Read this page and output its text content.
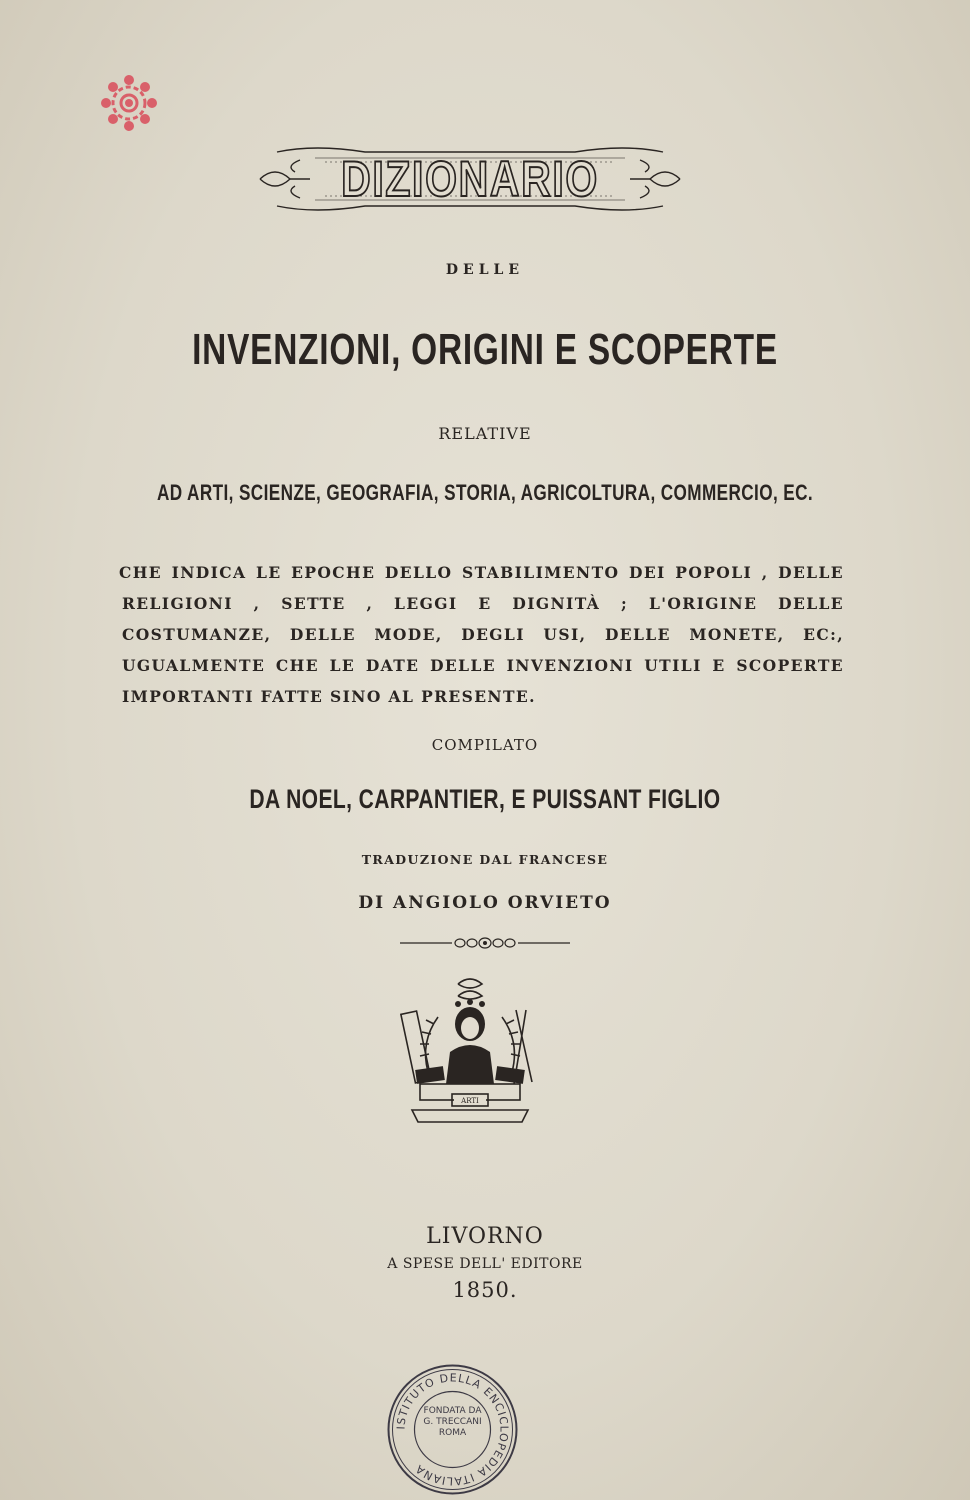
DIZIONARIO
DELLE
INVENZIONI, ORIGINI E SCOPERTE
RELATIVE
AD ARTI, SCIENZE, GEOGRAFIA, STORIA, AGRICOLTURA, COMMERCIO, EC.
CHE INDICA LE EPOCHE DELLO STABILIMENTO DEI POPOLI , DELLE RELIGIONI , SETTE , LEGGI E DIGNITÀ ; L'ORIGINE DELLE COSTUMANZE, DELLE MODE, DEGLI USI, DELLE MONETE, EC:, UGUALMENTE CHE LE DATE DELLE INVENZIONI UTILI E SCOPERTE IMPORTANTI FATTE SINO AL PRESENTE.
COMPILATO
DA NOEL, CARPANTIER, E PUISSANT FIGLIO
TRADUZIONE DAL FRANCESE
DI ANGIOLO ORVIETO
ARTI
LIVORNO
A SPESE DELL' EDITORE
1850.
ISTITUTO DELLA ENCICLOPEDIA ITALIANA
FONDATA DA G. TRECCANI ROMA
